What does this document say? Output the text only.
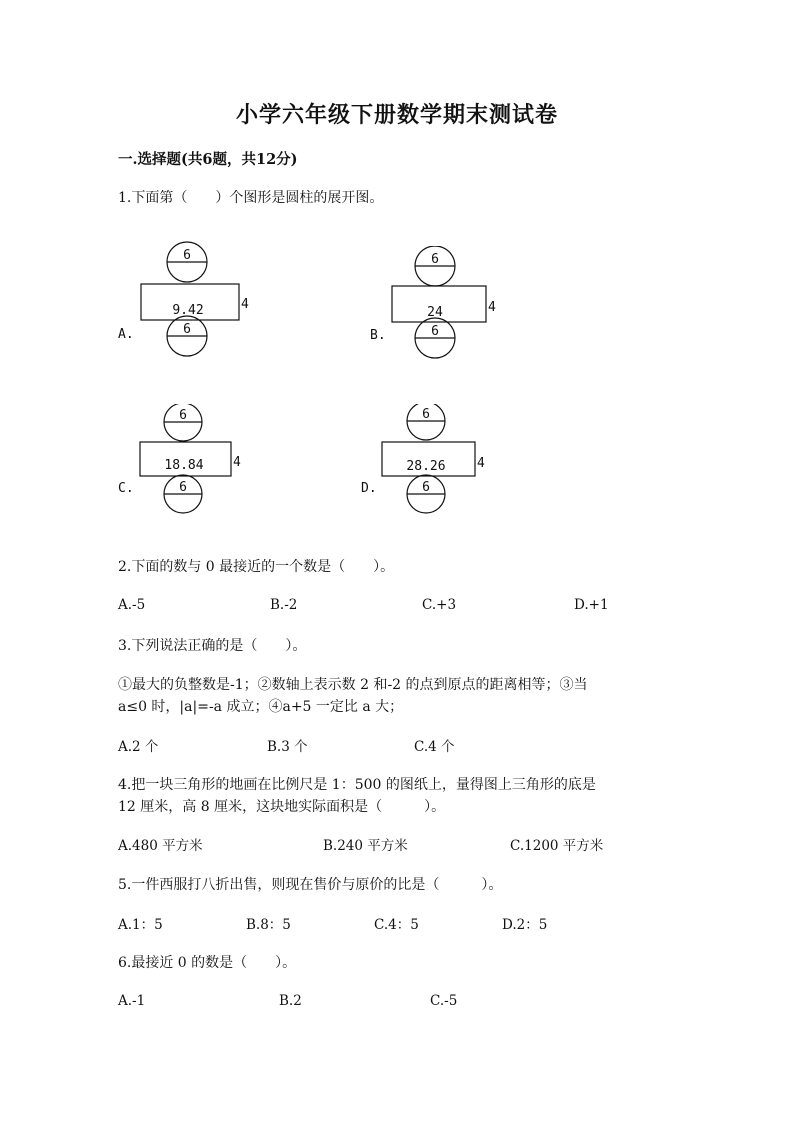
小学六年级下册数学期末测试卷
一.选择题(共6题，共12分)
1.下面第（　　）个图形是圆柱的展开图。
A.
6
9.42	4
6	B.
6
24	4
6
C.
6
18.84 4
6	D.
6
28.26 4
6
2.下面的数与 0 最接近的一个数是（　　）。
A.-5	B.-2	C.+3	D.+1
3.下列说法正确的是（　　）。
①最大的负整数是-1；②数轴上表示数 2 和-2 的点到原点的距离相等；③当
a≤0 时，|a|=-a 成立；④a+5 一定比 a 大；
A.2 个	B.3 个	C.4 个
4.把一块三角形的地画在比例尺是 1：500 的图纸上，量得图上三角形的底是
12 厘米，高 8 厘米，这块地实际面积是（　　　）。
A.480 平方米	B.240 平方米	C.1200 平方米
5.一件西服打八折出售，则现在售价与原价的比是（　　　）。
A.1：5	B.8：5	C.4：5	D.2：5
6.最接近 0 的数是（　　）。
A.-1	B.2	C.-5
